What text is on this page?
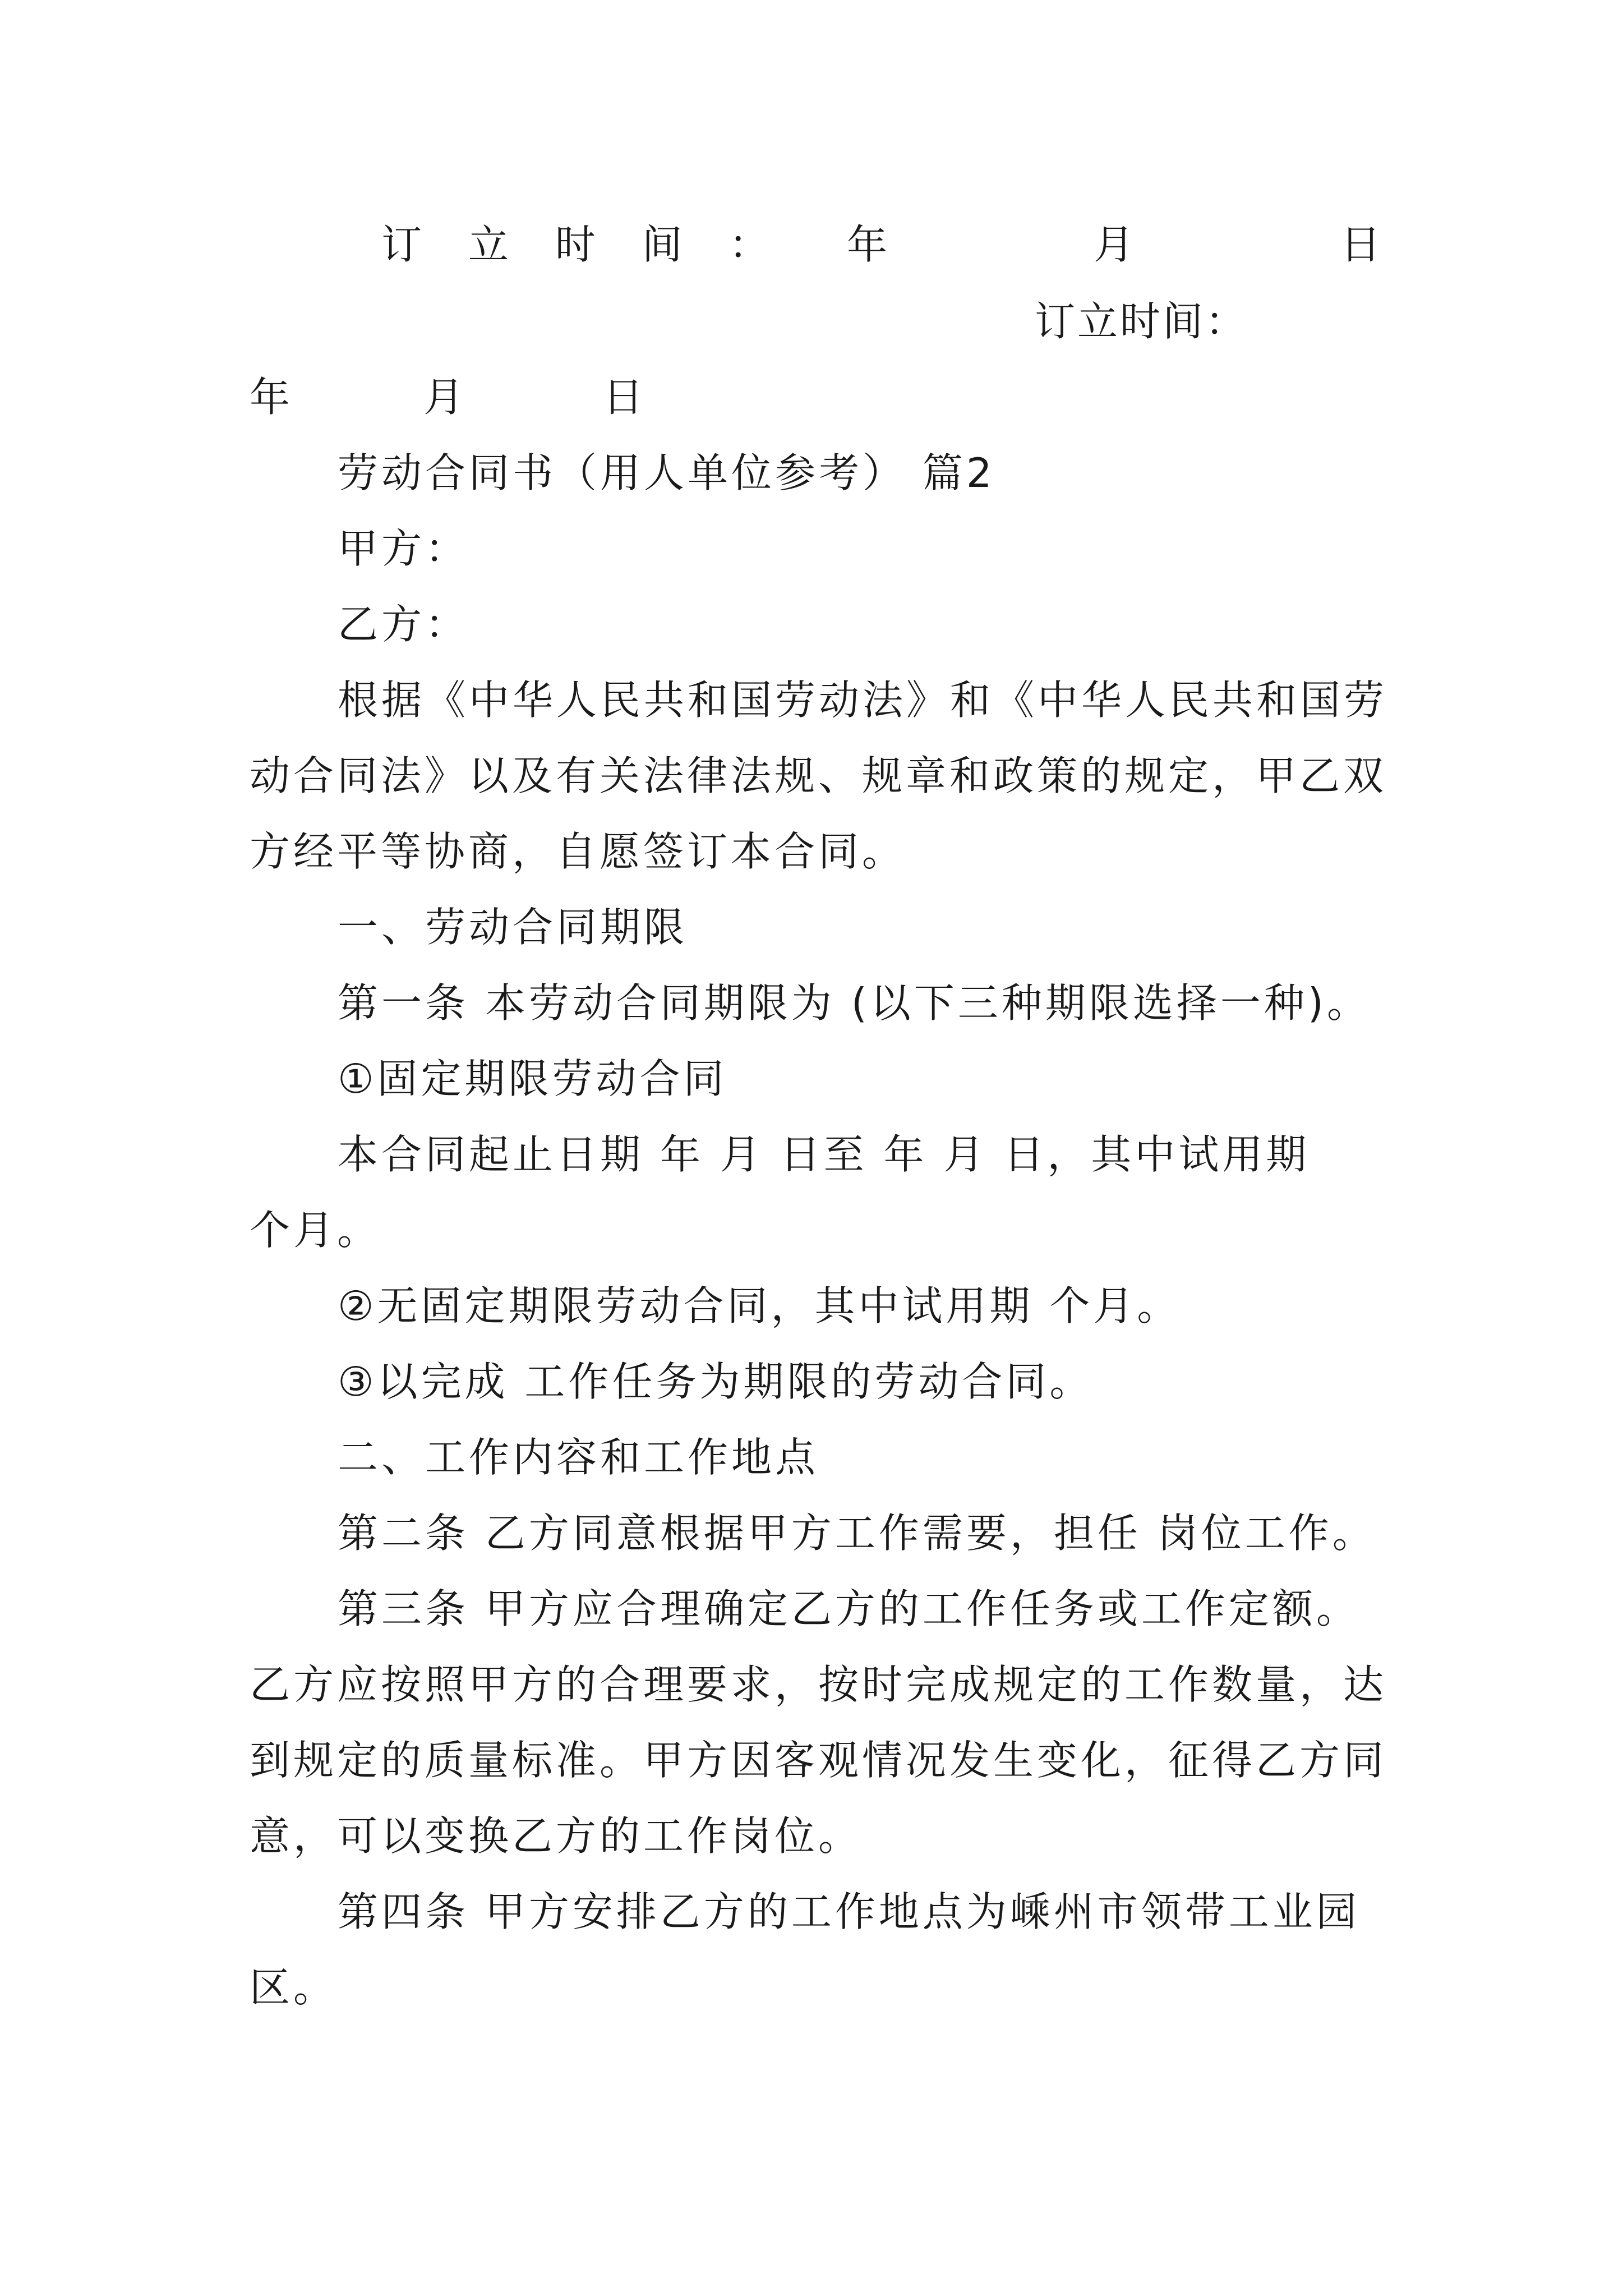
订 立 时 间 ： 年	月	日
订立时间：
年	月	日
劳动合同书（用人单位参考） 篇2
甲方：
乙方：
根据《中华人民共和国劳动法》和《中华人民共和国劳
动合同法》以及有关法律法规、规章和政策的规定，甲乙双
方经平等协商，自愿签订本合同。
一、劳动合同期限
第一条 本劳动合同期限为 (以下三种期限选择一种)。
①固定期限劳动合同
本合同起止日期 年 月 日至 年 月 日，其中试用期
个月。
②无固定期限劳动合同，其中试用期 个月。
③以完成 工作任务为期限的劳动合同。
二、工作内容和工作地点
第二条 乙方同意根据甲方工作需要，担任 岗位工作。
第三条 甲方应合理确定乙方的工作任务或工作定额。
乙方应按照甲方的合理要求，按时完成规定的工作数量，达
到规定的质量标准。甲方因客观情况发生变化，征得乙方同
意，可以变换乙方的工作岗位。
第四条 甲方安排乙方的工作地点为嵊州市领带工业园
区。
